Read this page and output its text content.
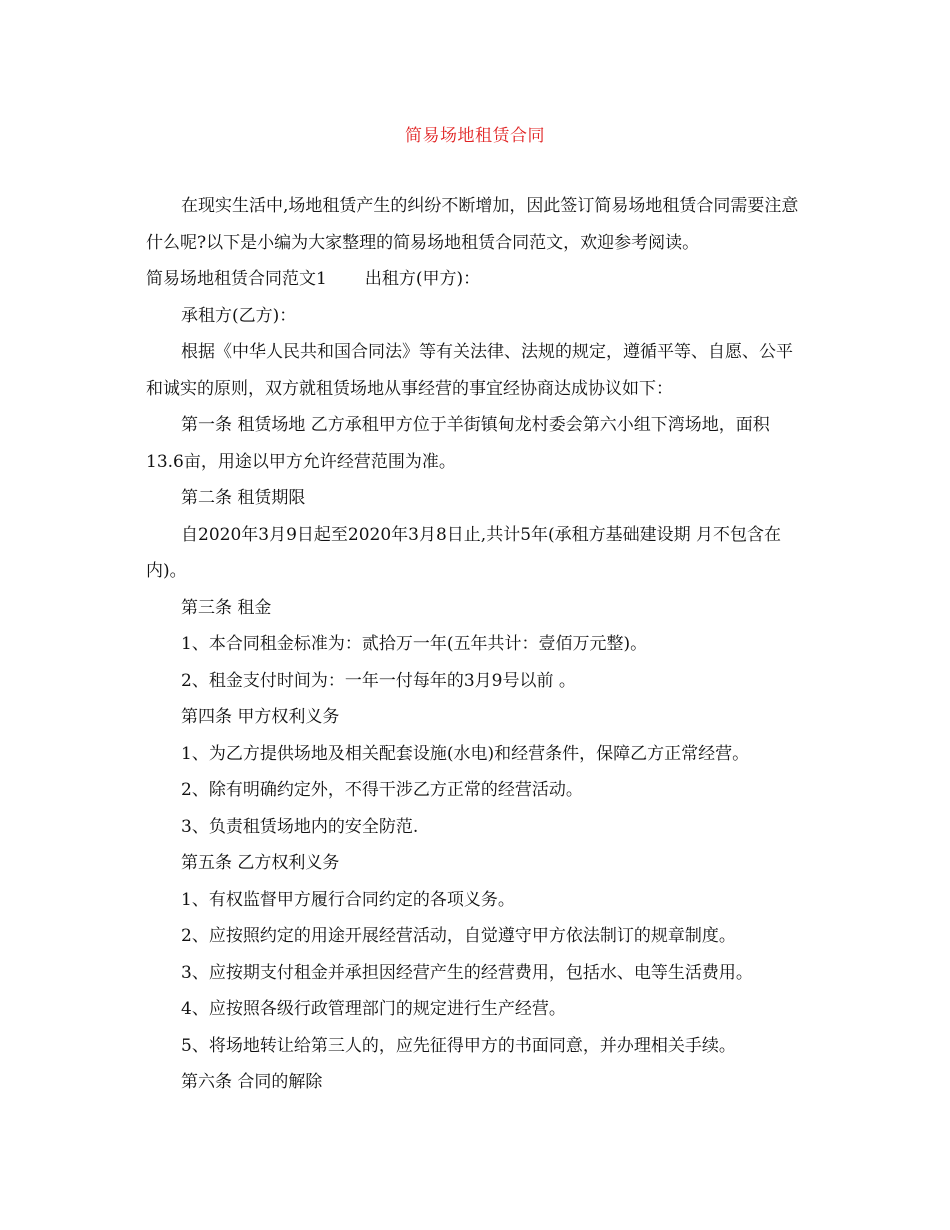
简易场地租赁合同

在现实生活中,场地租赁产生的纠纷不断增加，因此签订简易场地租赁合同需要注意什么呢?以下是小编为大家整理的简易场地租赁合同范文，欢迎参考阅读。

简易场地租赁合同范文1 出租方(甲方)：

承租方(乙方)：

根据《中华人民共和国合同法》等有关法律、法规的规定，遵循平等、自愿、公平和诚实的原则，双方就租赁场地从事经营的事宜经协商达成协议如下：

第一条 租赁场地 乙方承租甲方位于羊街镇甸龙村委会第六小组下湾场地，面积13.6亩，用途以甲方允许经营范围为准。

第二条 租赁期限

自2020年3月9日起至2020年3月8日止,共计5年(承租方基础建设期 月不包含在内)。

第三条 租金

1、本合同租金标准为：贰拾万一年(五年共计：壹佰万元整)。

2、租金支付时间为：一年一付每年的3月9号以前 。

第四条 甲方权利义务

1、为乙方提供场地及相关配套设施(水电)和经营条件，保障乙方正常经营。

2、除有明确约定外，不得干涉乙方正常的经营活动。

3、负责租赁场地内的安全防范.

第五条 乙方权利义务

1、有权监督甲方履行合同约定的各项义务。

2、应按照约定的用途开展经营活动，自觉遵守甲方依法制订的规章制度。

3、应按期支付租金并承担因经营产生的经营费用，包括水、电等生活费用。

4、应按照各级行政管理部门的规定进行生产经营。

5、将场地转让给第三人的，应先征得甲方的书面同意，并办理相关手续。

第六条 合同的解除
